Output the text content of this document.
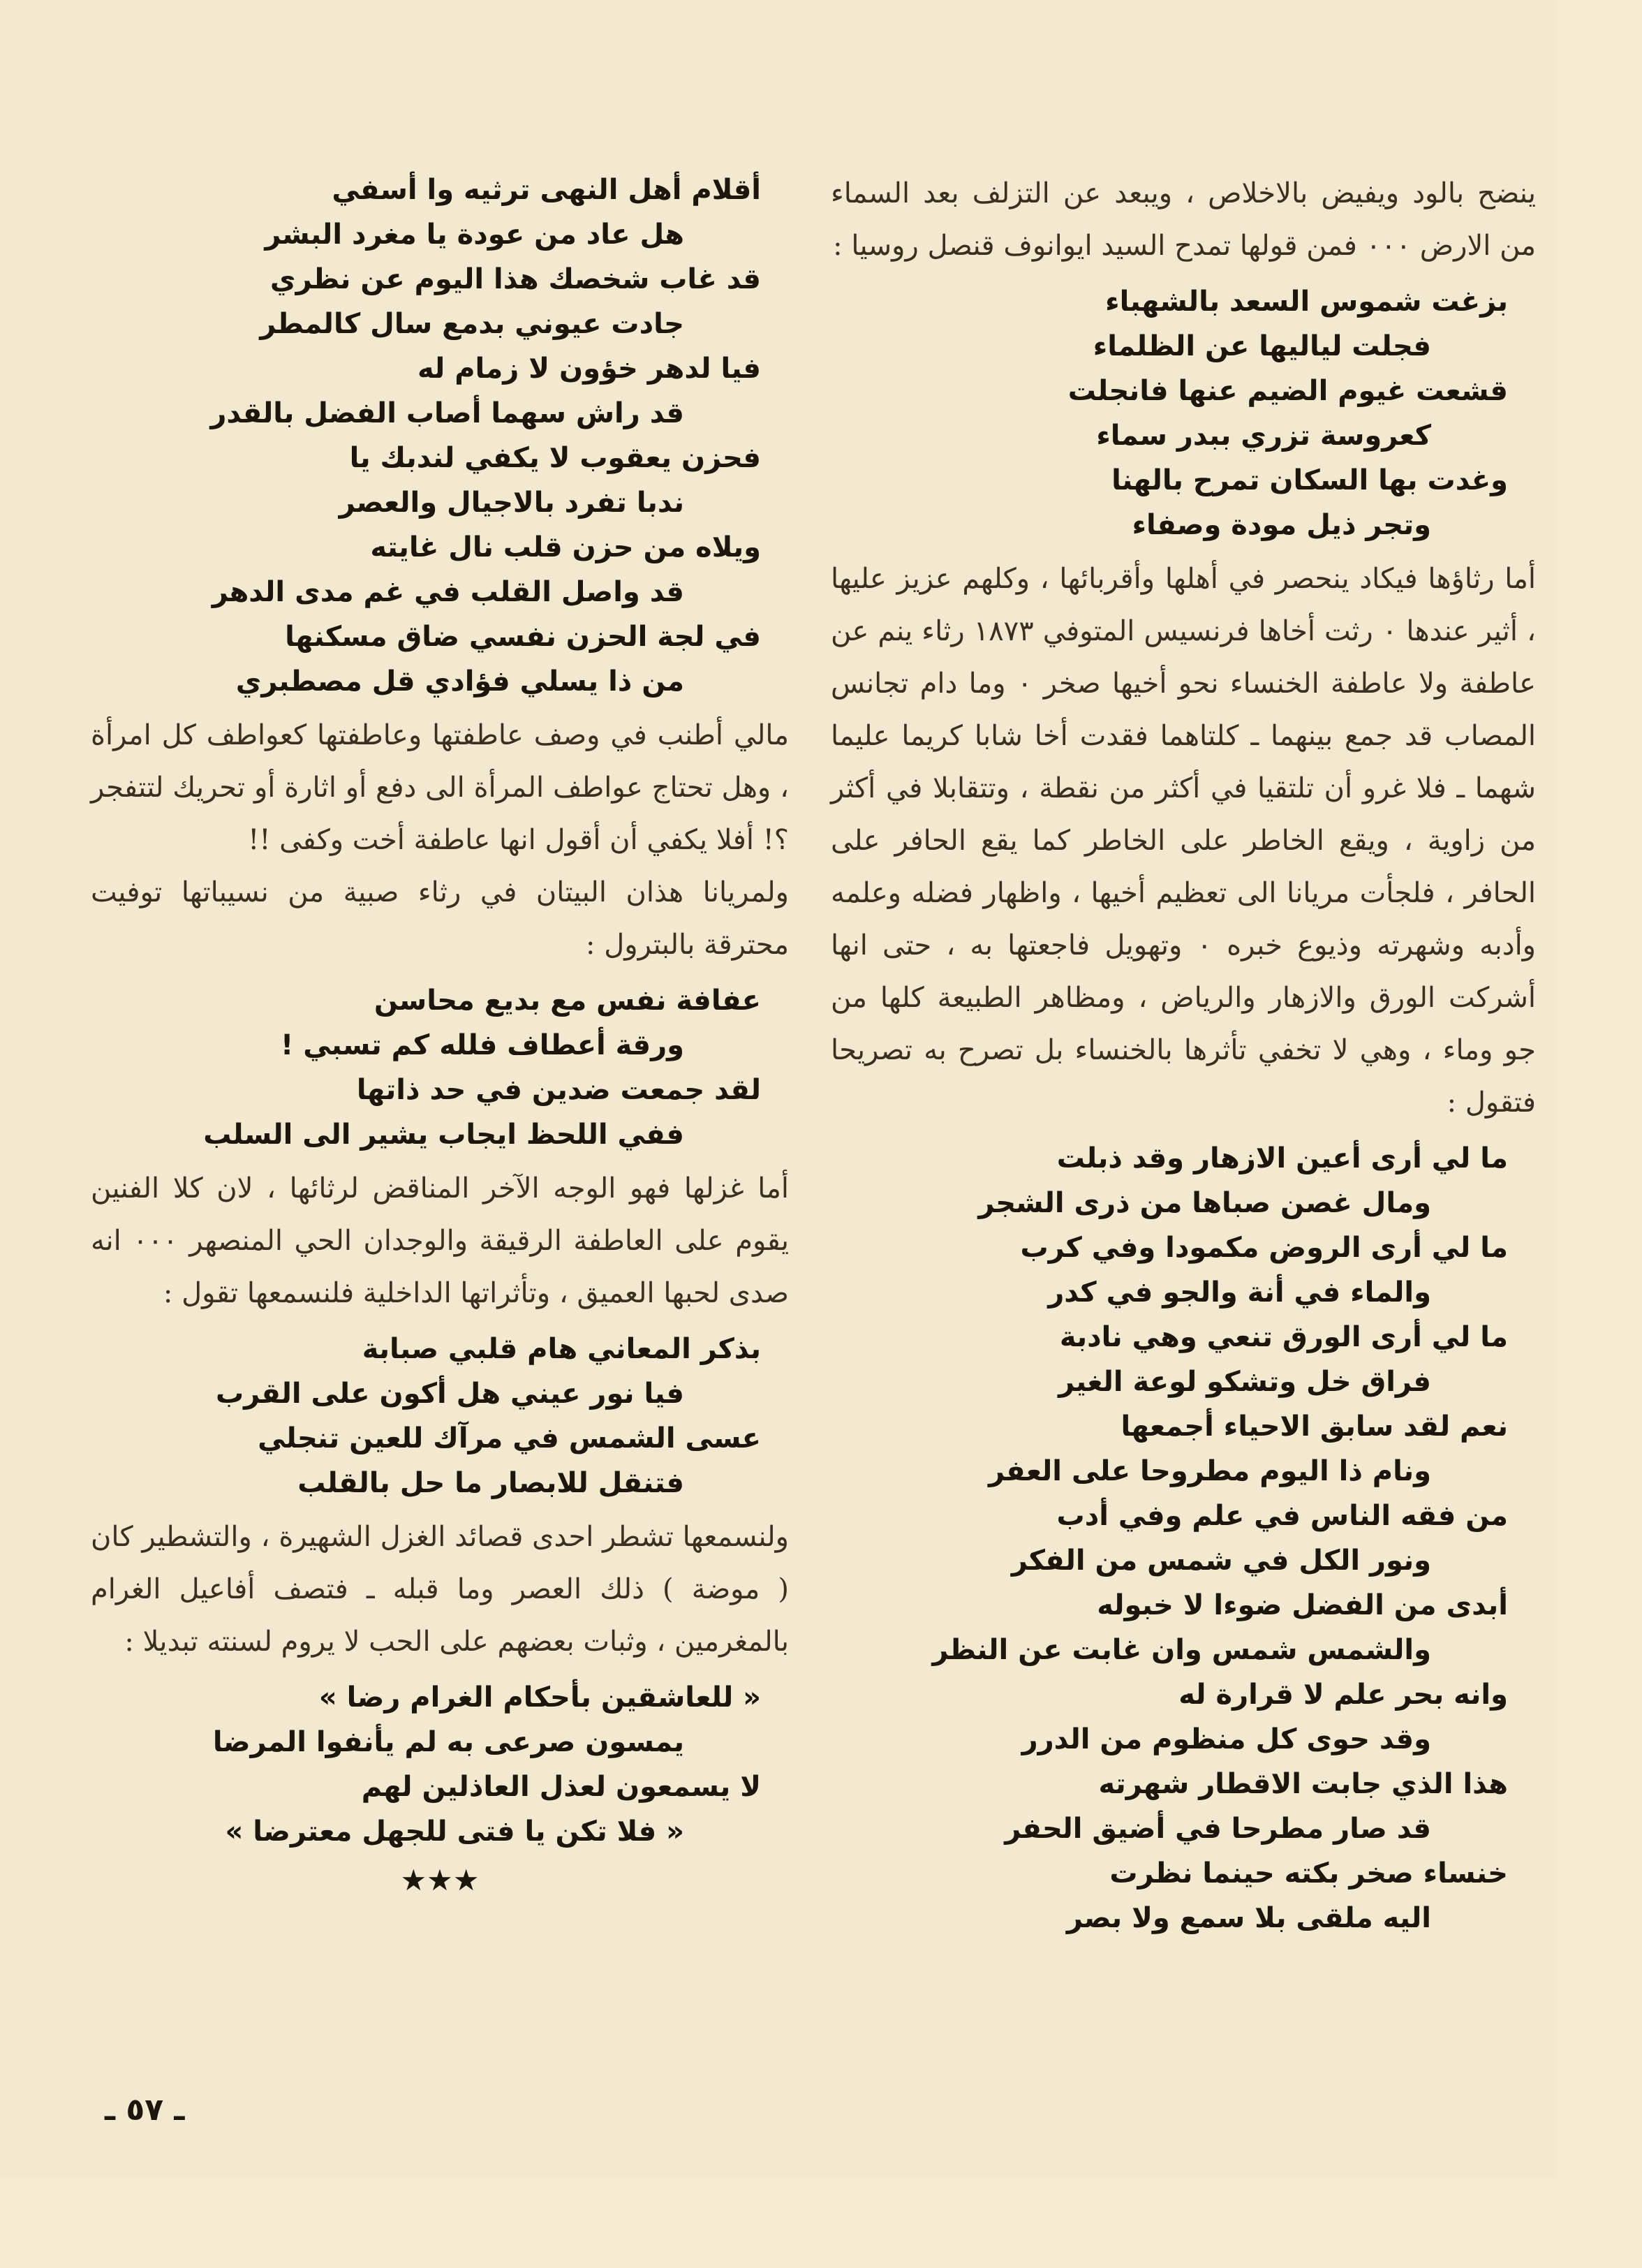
ينضح بالود ويفيض بالاخلاص ، ويبعد عن التزلف بعد السماء من الارض ٠٠٠ فمن قولها تمدح السيد ايوانوف قنصل روسيا :

بزغت شموس السعد بالشهباء

فجلت لياليها عن الظلماء

قشعت غيوم الضيم عنها فانجلت

كعروسة تزري ببدر سماء

وغدت بها السكان تمرح بالهنا

وتجر ذيل مودة وصفاء

أما رثاؤها فيكاد ينحصر في أهلها وأقربائها ، وكلهم عزيز عليها ، أثير عندها ٠ رثت أخاها فرنسيس المتوفي ١٨٧٣ رثاء ينم عن عاطفة ولا عاطفة الخنساء نحو أخيها صخر ٠ وما دام تجانس المصاب قد جمع بينهما ـ كلتاهما فقدت أخا شابا كريما عليما شهما ـ فلا غرو أن تلتقيا في أكثر من نقطة ، وتتقابلا في أكثر من زاوية ، ويقع الخاطر على الخاطر كما يقع الحافر على الحافر ، فلجأت مريانا الى تعظيم أخيها ، واظهار فضله وعلمه وأدبه وشهرته وذيوع خبره ٠ وتهويل فاجعتها به ، حتى انها أشركت الورق والازهار والرياض ، ومظاهر الطبيعة كلها من جو وماء ، وهي لا تخفي تأثرها بالخنساء بل تصرح به تصريحا فتقول :

ما لي أرى أعين الازهار وقد ذبلت

ومال غصن صباها من ذرى الشجر

ما لي أرى الروض مكمودا وفي كرب

والماء في أنة والجو في كدر

ما لي أرى الورق تنعي وهي نادبة

فراق خل وتشكو لوعة الغير

نعم لقد سابق الاحياء أجمعها

ونام ذا اليوم مطروحا على العفر

من فقه الناس في علم وفي أدب

ونور الكل في شمس من الفكر

أبدى من الفضل ضوءا لا خبوله

والشمس شمس وان غابت عن النظر

وانه بحر علم لا قرارة له

وقد حوى كل منظوم من الدرر

هذا الذي جابت الاقطار شهرته

قد صار مطرحا في أضيق الحفر

خنساء صخر بكته حينما نظرت

اليه ملقى بلا سمع ولا بصر

أقلام أهل النهى ترثيه وا أسفي

هل عاد من عودة يا مغرد البشر

قد غاب شخصك هذا اليوم عن نظري

جادت عيوني بدمع سال كالمطر

فيا لدهر خؤون لا زمام له

قد راش سهما أصاب الفضل بالقدر

فحزن يعقوب لا يكفي لندبك يا

ندبا تفرد بالاجيال والعصر

ويلاه من حزن قلب نال غايته

قد واصل القلب في غم مدى الدهر

في لجة الحزن نفسي ضاق مسكنها

من ذا يسلي فؤادي قل مصطبري

مالي أطنب في وصف عاطفتها وعاطفتها كعواطف كل امرأة ، وهل تحتاج عواطف المرأة الى دفع أو اثارة أو تحريك لتتفجر ؟! أفلا يكفي أن أقول انها عاطفة أخت وكفى !!

ولمريانا هذان البيتان في رثاء صبية من نسيباتها توفيت محترقة بالبترول :

عفافة نفس مع بديع محاسن

ورقة أعطاف فلله كم تسبي !

لقد جمعت ضدين في حد ذاتها

ففي اللحظ ايجاب يشير الى السلب

أما غزلها فهو الوجه الآخر المناقض لرثائها ، لان كلا الفنين يقوم على العاطفة الرقيقة والوجدان الحي المنصهر ٠٠٠ انه صدى لحبها العميق ، وتأثراتها الداخلية فلنسمعها تقول :

بذكر المعاني هام قلبي صبابة

فيا نور عيني هل أكون على القرب

عسى الشمس في مرآك للعين تنجلي

فتنقل للابصار ما حل بالقلب

ولنسمعها تشطر احدى قصائد الغزل الشهيرة ، والتشطير كان ( موضة ) ذلك العصر وما قبله ـ فتصف أفاعيل الغرام بالمغرمين ، وثبات بعضهم على الحب لا يروم لسنته تبديلا :

« للعاشقين بأحكام الغرام رضا »

يمسون صرعى به لم يأنفوا المرضا

لا يسمعون لعذل العاذلين لهم

« فلا تكن يا فتى للجهل معترضا »

★★★

ـ ٥٧ ـ
